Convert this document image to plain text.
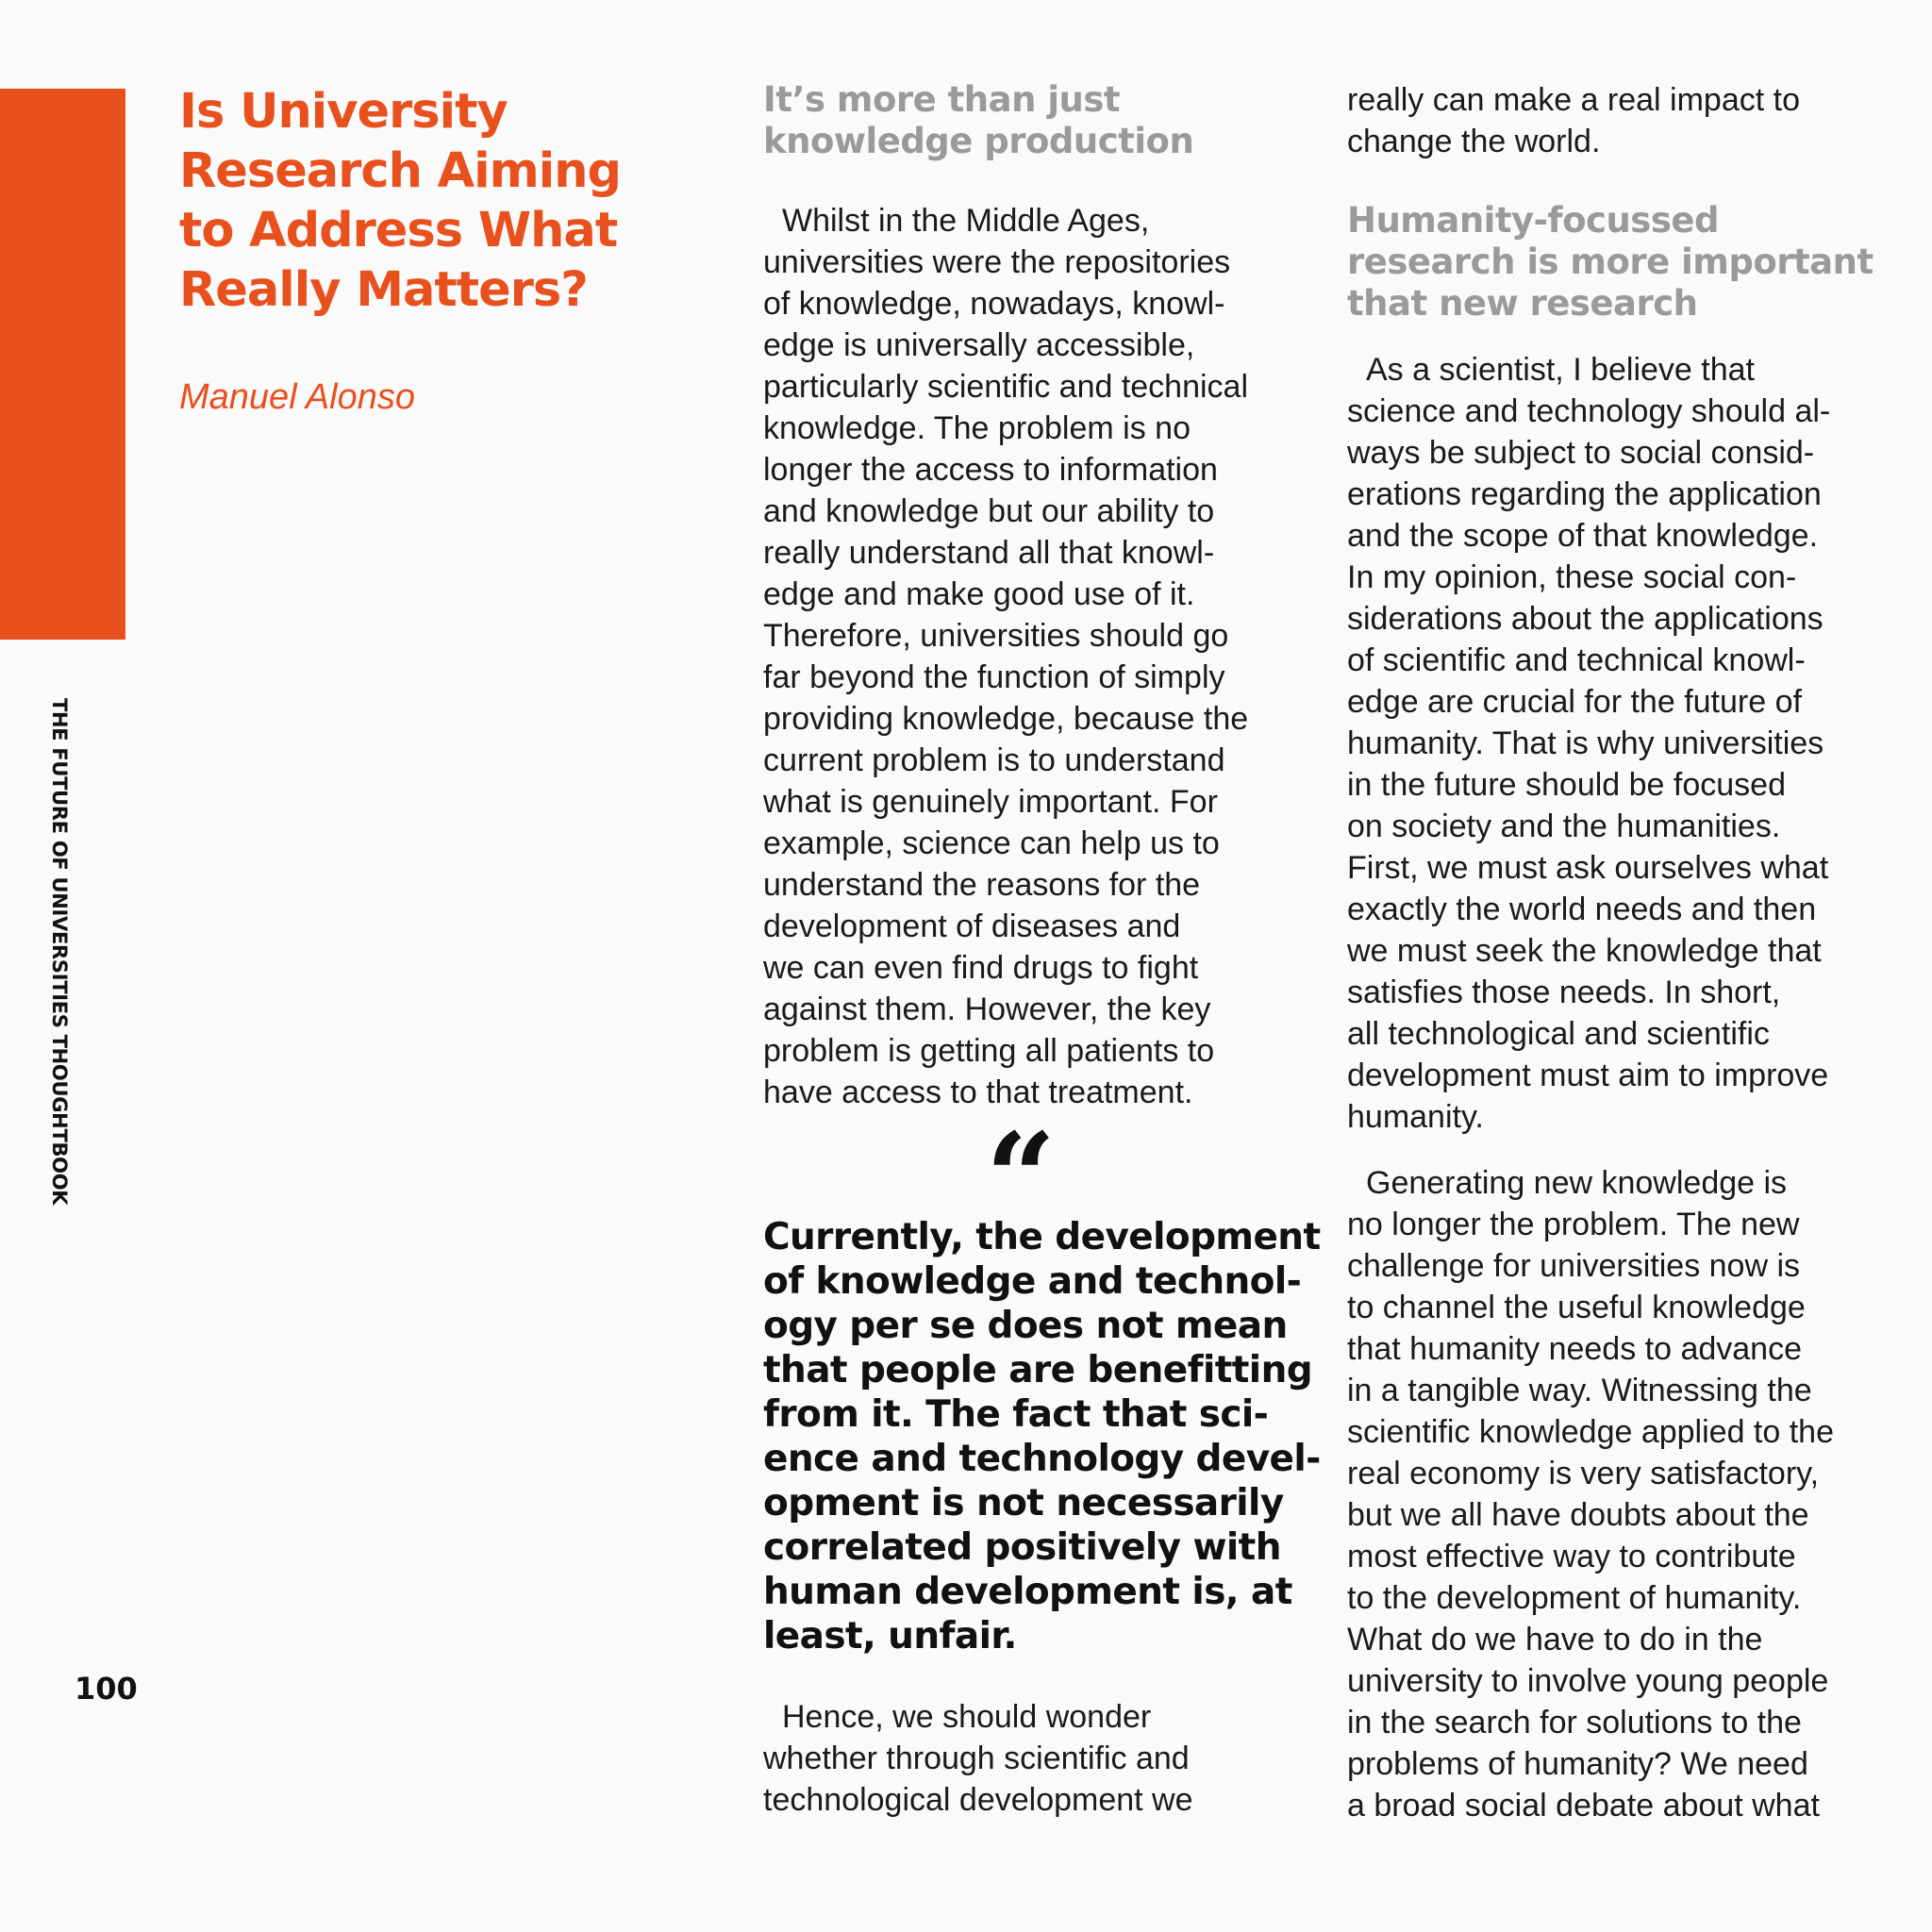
THE FUTURE OF UNIVERSITIES THOUGHTBOOK
100
Is University
Research Aiming
to Address What
Really Matters?
Manuel Alonso
It’s more than just
knowledge production
Whilst in the Middle Ages,
universities were the repositories
of knowledge, nowadays, knowl-
edge is universally accessible,
particularly scientific and technical
knowledge. The problem is no
longer the access to information
and knowledge but our ability to
really understand all that knowl-
edge and make good use of it.
Therefore, universities should go
far beyond the function of simply
providing knowledge, because the
current problem is to understand
what is genuinely important. For
example, science can help us to
understand the reasons for the
development of diseases and
we can even find drugs to fight
against them. However, the key
problem is getting all patients to
have access to that treatment.
“
Currently, the development
of knowledge and technol-
ogy per se does not mean
that people are benefitting
from it. The fact that sci-
ence and technology devel-
opment is not necessarily
correlated positively with
human development is, at
least, unfair.
Hence, we should wonder
whether through scientific and
technological development we
really can make a real impact to
change the world.
Humanity-focussed
research is more important
that new research
As a scientist, I believe that
science and technology should al-
ways be subject to social consid-
erations regarding the application
and the scope of that knowledge.
In my opinion, these social con-
siderations about the applications
of scientific and technical knowl-
edge are crucial for the future of
humanity. That is why universities
in the future should be focused
on society and the humanities.
First, we must ask ourselves what
exactly the world needs and then
we must seek the knowledge that
satisfies those needs. In short,
all technological and scientific
development must aim to improve
humanity.
Generating new knowledge is
no longer the problem. The new
challenge for universities now is
to channel the useful knowledge
that humanity needs to advance
in a tangible way. Witnessing the
scientific knowledge applied to the
real economy is very satisfactory,
but we all have doubts about the
most effective way to contribute
to the development of humanity.
What do we have to do in the
university to involve young people
in the search for solutions to the
problems of humanity? We need
a broad social debate about what
